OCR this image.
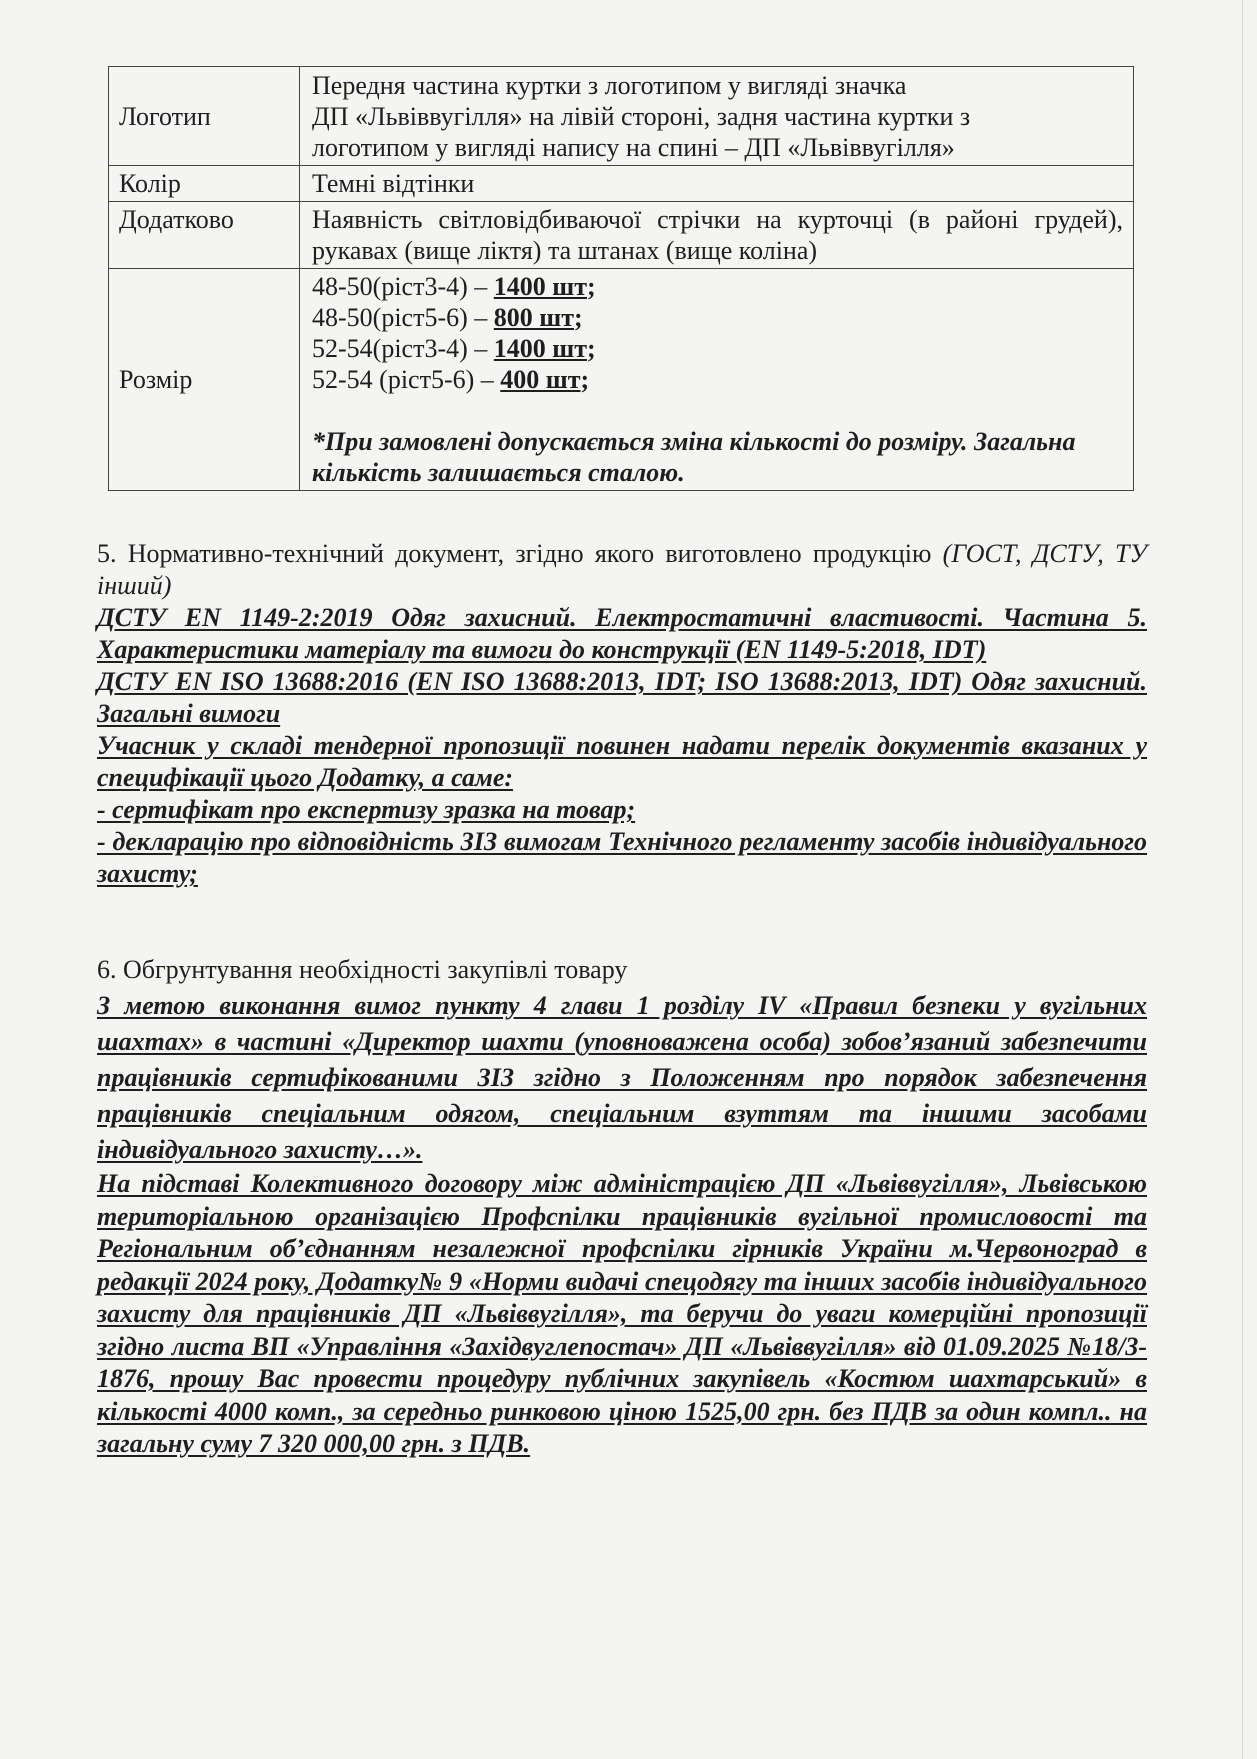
Логотип	Передня частина куртки з логотипом у вигляді значка
ДП «Львіввугілля» на лівій стороні, задня частина куртки з
логотипом у вигляді напису на спині – ДП «Львіввугілля»

Колір	Темні відтінки
Додатково	Наявність світловідбиваючої стрічки на курточці (в районі грудей), рукавах (вище ліктя) та штанах (вище коліна)
Розмір	48-50(ріст3-4) – 1400 шт;
48-50(ріст5-6) – 800 шт;
52-54(ріст3-4) – 1400 шт;
52-54 (ріст5-6) – 400 шт;
*При замовлені допускається зміна кількості до розміру. Загальна кількість залишається сталою.
5. Нормативно-технічний документ, згідно якого виготовлено продукцію (ГОСТ, ДСТУ, ТУ інший)
ДСТУ EN 1149-2:2019 Одяг захисний. Електростатичні властивості. Частина 5. Характеристики матеріалу та вимоги до конструкції (EN 1149-5:2018, IDT)
ДСТУ EN ISO 13688:2016 (EN ISO 13688:2013, IDT; ISO 13688:2013, IDT) Одяг захисний. Загальні вимоги
Учасник у складі тендерної пропозиції повинен надати перелік документів вказаних у специфікації цього Додатку, а саме:
- сертифікат про експертизу зразка на товар;
- декларацію про відповідність ЗІЗ вимогам Технічного регламенту засобів індивідуального захисту;
6. Обгрунтування необхідності закупівлі товару
З метою виконання вимог пункту 4 глави 1 розділу IV «Правил безпеки у вугільних шахтах» в частині «Директор шахти (уповноважена особа) зобов’язаний забезпечити працівників сертифікованими ЗІЗ згідно з Положенням про порядок забезпечення працівників спеціальним одягом, спеціальним взуттям та іншими засобами індивідуального захисту…».
На підставі Колективного договору між адміністрацією ДП «Львіввугілля», Львівською територіальною організацією Профспілки працівників вугільної промисловості та Регіональним об’єднанням незалежної профспілки гірників України м.Червоноград в редакції 2024 року, Додатку№ 9 «Норми видачі спецодягу та інших засобів індивідуального захисту для працівників ДП «Львіввугілля», та беручи до уваги комерційні пропозиції згідно листа ВП «Управління «Західвуглепостач» ДП «Львіввугілля» від 01.09.2025 №18/3-1876, прошу Вас провести процедуру публічних закупівель «Костюм шахтарський» в кількості 4000 комп., за середньо ринковою ціною 1525,00 грн. без ПДВ за один компл.. на загальну суму 7 320 000,00 грн. з ПДВ.
